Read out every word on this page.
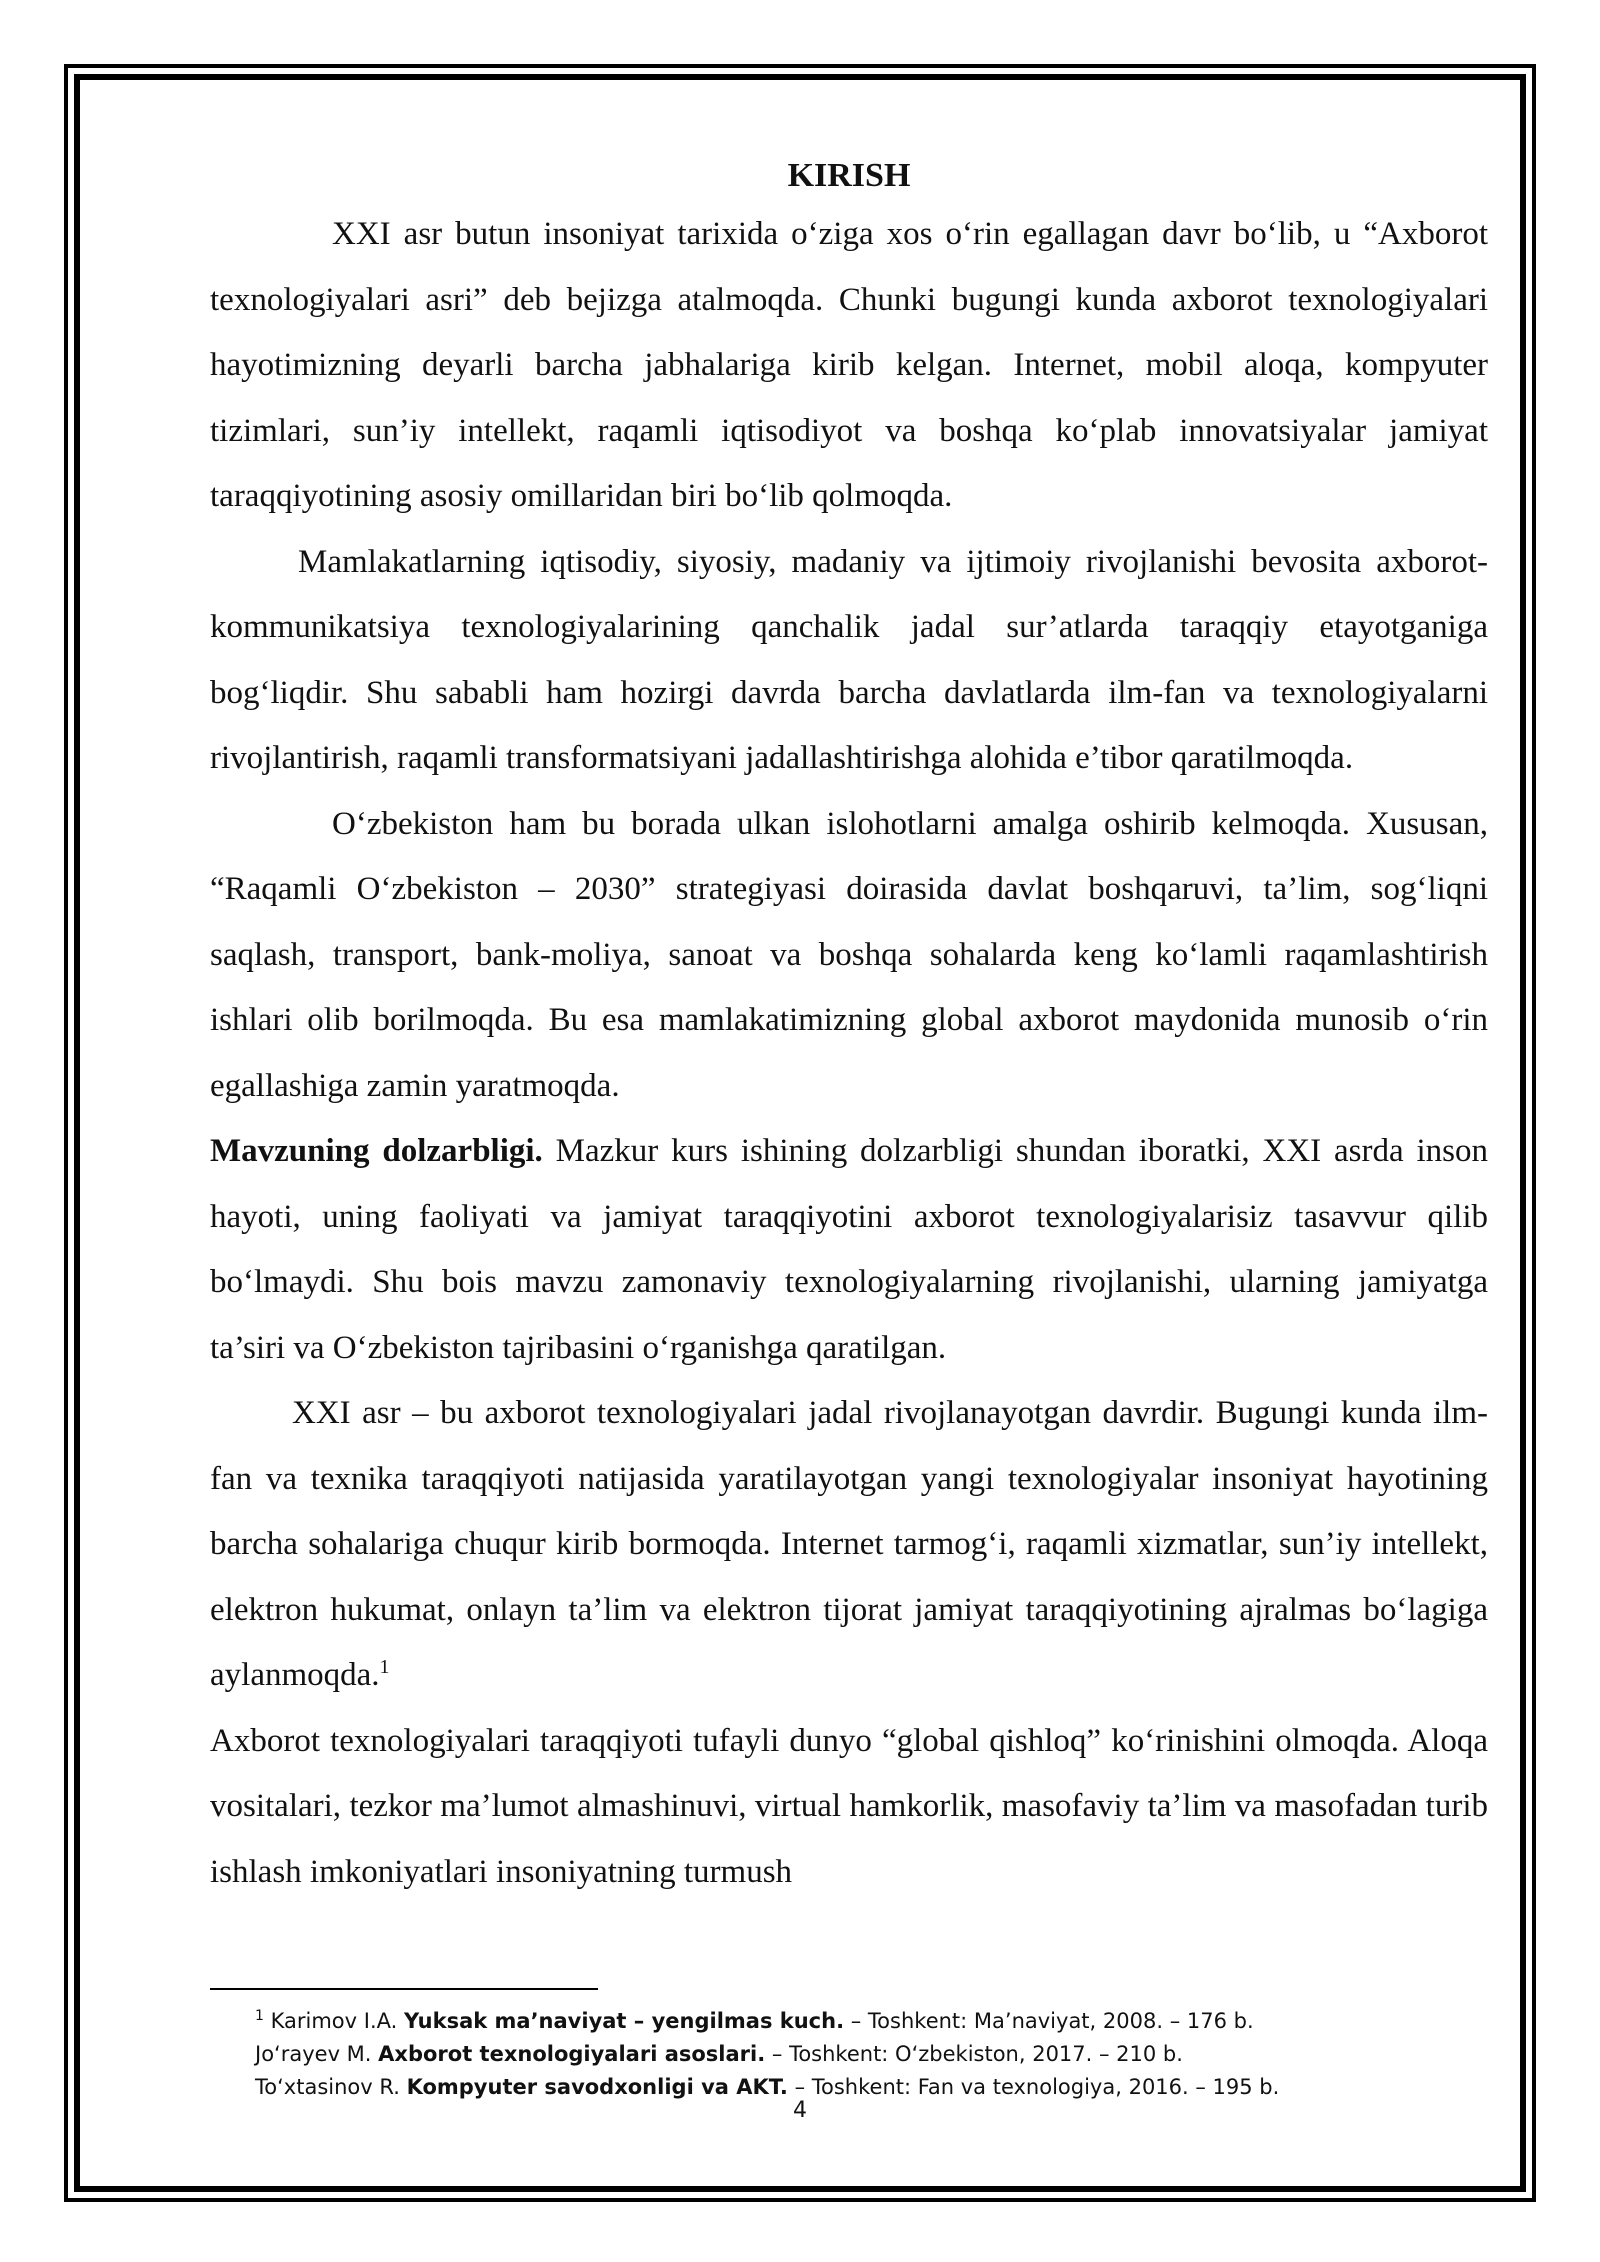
KIRISH

XXI asr butun insoniyat tarixida o‘ziga xos o‘rin egallagan davr bo‘lib, u “Axborot texnologiyalari asri” deb bejizga atalmoqda. Chunki bugungi kunda axborot texnologiyalari hayotimizning deyarli barcha jabhalariga kirib kelgan. Internet, mobil aloqa, kompyuter tizimlari, sun’iy intellekt, raqamli iqtisodiyot va boshqa ko‘plab innovatsiyalar jamiyat taraqqiyotining asosiy omillaridan biri bo‘lib qolmoqda.

Mamlakatlarning iqtisodiy, siyosiy, madaniy va ijtimoiy rivojlanishi bevosita axborot-kommunikatsiya texnologiyalarining qanchalik jadal sur’atlarda taraqqiy etayotganiga bog‘liqdir. Shu sababli ham hozirgi davrda barcha davlatlarda ilm-fan va texnologiyalarni rivojlantirish, raqamli transformatsiyani jadallashtirishga alohida e’tibor qaratilmoqda.

O‘zbekiston ham bu borada ulkan islohotlarni amalga oshirib kelmoqda. Xususan, “Raqamli O‘zbekiston – 2030” strategiyasi doirasida davlat boshqaruvi, ta’lim, sog‘liqni saqlash, transport, bank-moliya, sanoat va boshqa sohalarda keng ko‘lamli raqamlashtirish ishlari olib borilmoqda. Bu esa mamlakatimizning global axborot maydonida munosib o‘rin egallashiga zamin yaratmoqda.

Mavzuning dolzarbligi. Mazkur kurs ishining dolzarbligi shundan iboratki, XXI asrda inson hayoti, uning faoliyati va jamiyat taraqqiyotini axborot texnologiyalarisiz tasavvur qilib bo‘lmaydi. Shu bois mavzu zamonaviy texnologiyalarning rivojlanishi, ularning jamiyatga ta’siri va O‘zbekiston tajribasini o‘rganishga qaratilgan.

XXI asr – bu axborot texnologiyalari jadal rivojlanayotgan davrdir. Bugungi kunda ilm-fan va texnika taraqqiyoti natijasida yaratilayotgan yangi texnologiyalar insoniyat hayotining barcha sohalariga chuqur kirib bormoqda. Internet tarmog‘i, raqamli xizmatlar, sun’iy intellekt, elektron hukumat, onlayn ta’lim va elektron tijorat jamiyat taraqqiyotining ajralmas bo‘lagiga aylanmoqda.$^1$

Axborot texnologiyalari taraqqiyoti tufayli dunyo “global qishloq” ko‘rinishini olmoqda. Aloqa vositalari, tezkor ma’lumot almashinuvi, virtual hamkorlik, masofaviy ta’lim va masofadan turib ishlash imkoniyatlari insoniyatning turmush

$^1$ Karimov I.A. Yuksak ma’naviyat – yengilmas kuch. – Toshkent: Ma’naviyat, 2008. – 176 b.

Jo‘rayev M. Axborot texnologiyalari asoslari. – Toshkent: O‘zbekiston, 2017. – 210 b.

To‘xtasinov R. Kompyuter savodxonligi va AKT. – Toshkent: Fan va texnologiya, 2016. – 195 b.

4
